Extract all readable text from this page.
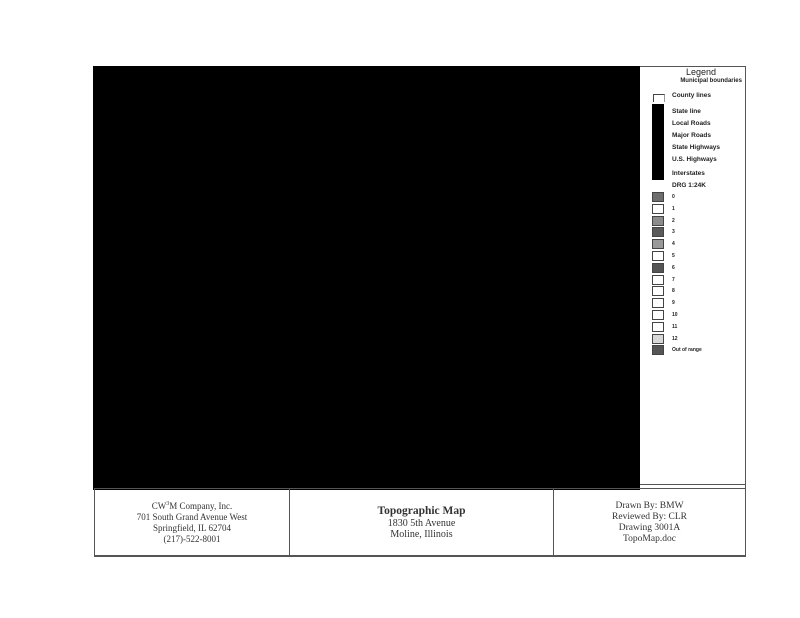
Legend
Municipal boundaries
County lines
State line
Local Roads
Major Roads
State Highways
U.S. Highways
Interstates
DRG 1:24K
0
1
2
3
4
5
6
7
8
9
10
11
12
Out of range
$CW^3M$ Company, Inc.
701 South Grand Avenue West
Springfield, IL 62704
(217)-522-8001
Topographic Map
1830 5th Avenue
Moline, Illinois
Drawn By: BMW
Reviewed By: CLR
Drawing 3001A
TopoMap.doc
